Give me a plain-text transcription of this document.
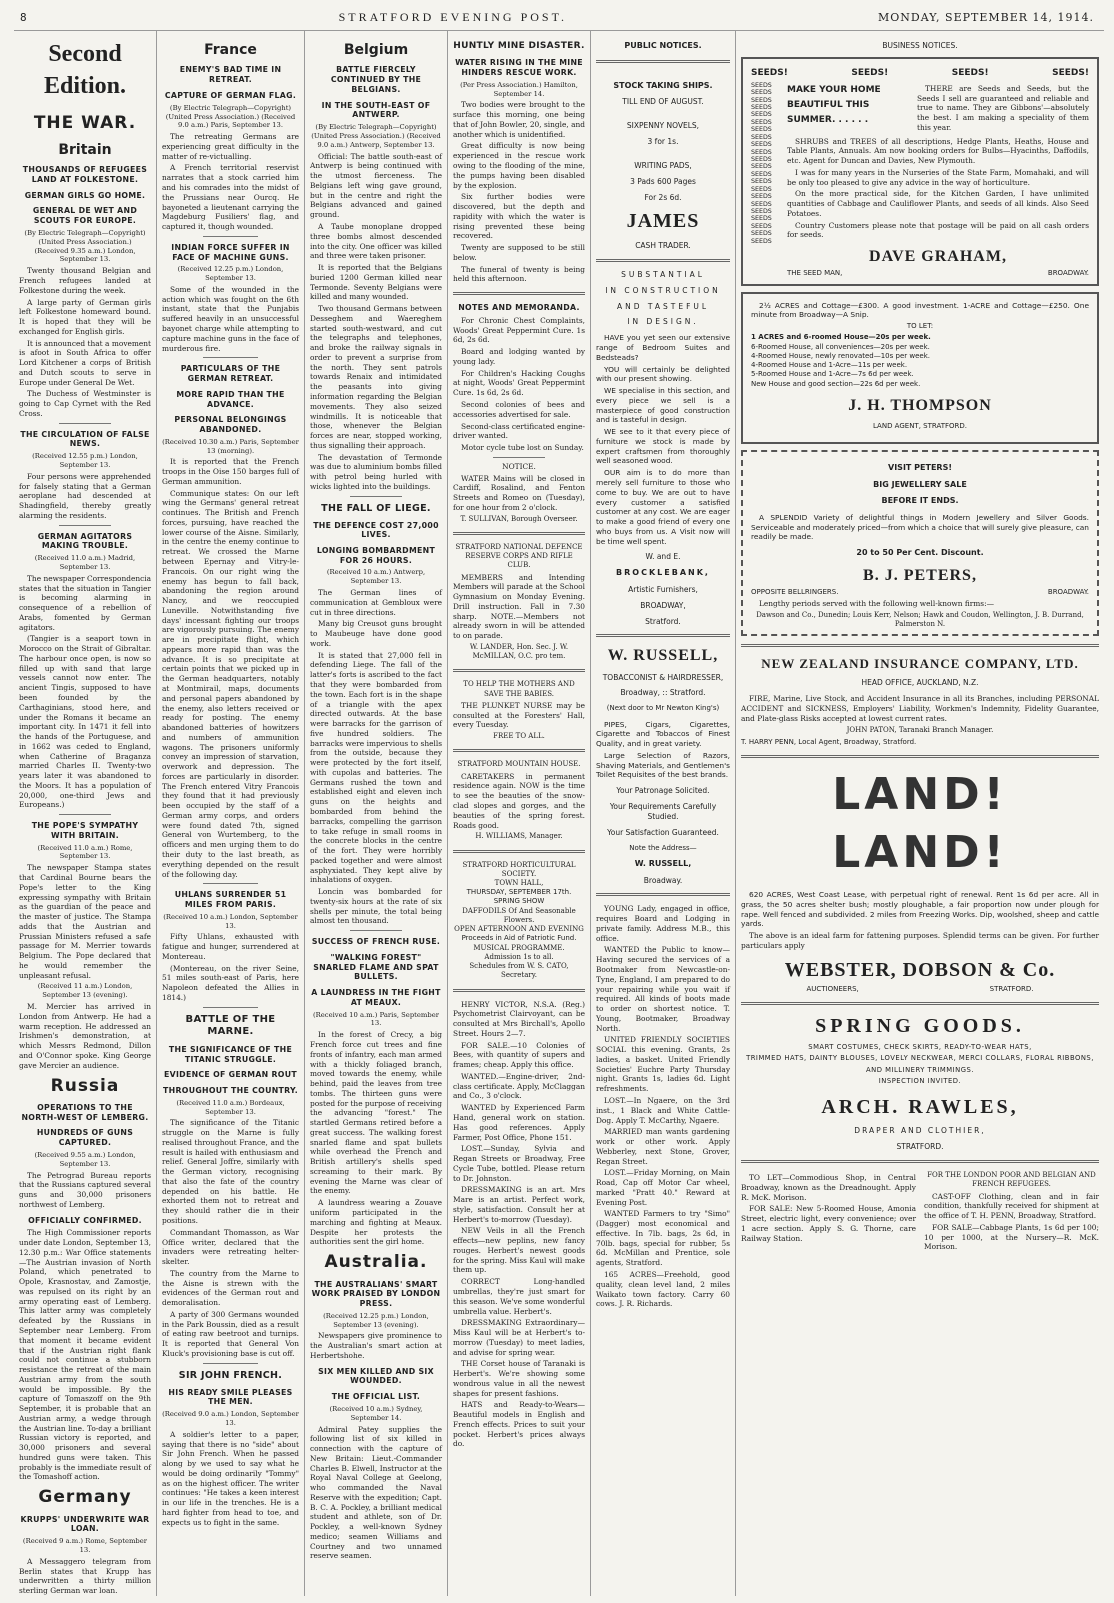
8	STRATFORD EVENING POST.	MONDAY, SEPTEMBER 14, 1914.
Second Edition.
THE WAR.
Britain
THOUSANDS OF REFUGEES LAND AT FOLKESTONE.
GERMAN GIRLS GO HOME.
GENERAL DE WET AND SCOUTS FOR EUROPE.
(By Electric Telegraph—Copyright) (United Press Association.)
(Received 9.35 a.m.) London, September 13.

Twenty thousand Belgian and French refugees landed at Folkestone during the week.

A large party of German girls left Folkestone homeward bound. It is hoped that they will be exchanged for English girls.

It is announced that a movement is afoot in South Africa to offer Lord Kitchener a corps of British and Dutch scouts to serve in Europe under General De Wet.

The Duchess of Westminster is going to Cap Cyrnet with the Red Cross.

THE CIRCULATION OF FALSE NEWS.
(Received 12.55 p.m.) London, September 13.

Four persons were apprehended for falsely stating that a German aeroplane had descended at Shadingfield, thereby greatly alarming the residents.

GERMAN AGITATORS MAKING TROUBLE.
(Received 11.0 a.m.) Madrid, September 13.

The newspaper Correspondencia states that the situation in Tangier is becoming alarming in consequence of a rebellion of Arabs, fomented by German agitators.

(Tangier is a seaport town in Morocco on the Strait of Gibraltar. The harbour once open, is now so filled up with sand that large vessels cannot now enter. The ancient Tingis, supposed to have been founded by the Carthaginians, stood here, and under the Romans it became an important city. In 1471 it fell into the hands of the Portuguese, and in 1662 was ceded to England, when Catherine of Braganza married Charles II. Twenty-two years later it was abandoned to the Moors. It has a population of 20,000, one-third Jews and Europeans.)

THE POPE'S SYMPATHY WITH BRITAIN.
(Received 11.0 a.m.) Rome, September 13.

The newspaper Stampa states that Cardinal Bourne bears the Pope's letter to the King expressing sympathy with Britain as the guardian of the peace and the master of justice. The Stampa adds that the Austrian and Prussian Ministers refused a safe passage for M. Merrier towards Belgium. The Pope declared that he would remember the unpleasant refusal.

(Received 11 a.m.) London, September 13 (evening).

M. Mercier has arrived in London from Antwerp. He had a warm reception. He addressed an Irishmen's demonstration, at which Messrs Redmond, Dillon and O'Connor spoke. King George gave Mercier an audience.

Russia
OPERATIONS TO THE NORTH-WEST OF LEMBERG.
HUNDREDS OF GUNS CAPTURED.
(Received 9.55 a.m.) London, September 13.

The Petrograd Bureau reports that the Russians captured several guns and 30,000 prisoners northwest of Lemberg.

OFFICIALLY CONFIRMED.

The High Commissioner reports under date London, September 13, 12.30 p.m.: War Office statements—The Austrian invasion of North Poland, which penetrated to Opole, Krasnostav, and Zamostje, was repulsed on its right by an army operating east of Lemberg. This latter army was completely defeated by the Russians in September near Lemberg. From that moment it became evident that if the Austrian right flank could not continue a stubborn resistance the retreat of the main Austrian army from the south would be impossible. By the capture of Tomaszoff on the 9th September, it is probable that an Austrian army, a wedge through the Austrian line. To-day a brilliant Russian victory is reported, and 30,000 prisoners and several hundred guns were taken. This probably is the immediate result of the Tomashoff action.

Germany
KRUPPS' UNDERWRITE WAR LOAN.
(Received 9 a.m.) Rome, September 13.

A Messaggero telegram from Berlin states that Krupp has underwritten a thirty million sterling German war loan.

France
ENEMY'S BAD TIME IN RETREAT.
CAPTURE OF GERMAN FLAG.
(By Electric Telegraph—Copyright) (United Press Association.) (Received 9.0 a.m.) Paris, September 13.

The retreating Germans are experiencing great difficulty in the matter of re-victualling.

A French territorial reservist narrates that a stock carried him and his comrades into the midst of the Prussians near Ourcq. He bayoneted a lieutenant carrying the Magdeburg Fusiliers' flag, and captured it, though wounded.

INDIAN FORCE SUFFER IN FACE OF MACHINE GUNS.
(Received 12.25 p.m.) London, September 13.

Some of the wounded in the action which was fought on the 6th instant, state that the Punjabis suffered heavily in an unsuccessful bayonet charge while attempting to capture machine guns in the face of murderous fire.

PARTICULARS OF THE GERMAN RETREAT.
MORE RAPID THAN THE ADVANCE.
PERSONAL BELONGINGS ABANDONED.
(Received 10.30 a.m.) Paris, September 13 (morning).

It is reported that the French troops in the Oise 150 barges full of German ammunition.

Communique states: On our left wing the Germans' general retreat continues. The British and French forces, pursuing, have reached the lower course of the Aisne. Similarly, in the centre the enemy continue to retreat. We crossed the Marne between Epernay and Vitry-le-Francois. On our right wing the enemy has begun to fall back, abandoning the region around Nancy, and we reoccupied Luneville. Notwithstanding five days' incessant fighting our troops are vigorously pursuing. The enemy are in precipitate flight, which appears more rapid than was the advance. It is so precipitate at certain points that we picked up in the German headquarters, notably at Montmirail, maps, documents and personal papers abandoned by the enemy, also letters received or ready for posting. The enemy abandoned batteries of howitzers and numbers of ammunition wagons. The prisoners uniformly convey an impression of starvation, overwork and depression. The forces are particularly in disorder. The French entered Vitry Francois they found that it had previously been occupied by the staff of a German army corps, and orders were found dated 7th, signed General von Wurtemberg, to the officers and men urging them to do their duty to the last breath, as everything depended on the result of the following day.

UHLANS SURRENDER 51 MILES FROM PARIS.
(Received 10 a.m.) London, September 13.

Fifty Uhlans, exhausted with fatigue and hunger, surrendered at Montereau.

(Montereau, on the river Seine, 51 miles south-east of Paris, here Napoleon defeated the Allies in 1814.)

BATTLE OF THE MARNE.
THE SIGNIFICANCE OF THE TITANIC STRUGGLE.
EVIDENCE OF GERMAN ROUT
THROUGHOUT THE COUNTRY.
(Received 11.0 a.m.) Bordeaux, September 13.

The significance of the Titanic struggle on the Marne is fully realised throughout France, and the result is hailed with enthusiasm and relief. General Joffre, similarly with the German victory, recognising that also the fate of the country depended on his battle. He exhorted them not to retreat and they should rather die in their positions.

Commandant Thomasson, as War Office writer, declared that the invaders were retreating helter-skelter.

The country from the Marne to the Aisne is strewn with the evidences of the German rout and demoralisation.

A party of 300 Germans wounded in the Park Boussin, died as a result of eating raw beetroot and turnips. It is reported that General Von Kluck's provisioning base is cut off.

SIR JOHN FRENCH.
HIS READY SMILE PLEASES THE MEN.
(Received 9.0 a.m.) London, September 13.

A soldier's letter to a paper, saying that there is no "side" about Sir John French. When he passed along by we used to say what he would be doing ordinarily "Tommy" as on the highest officer. The writer continues: "He takes a keen interest in our life in the trenches. He is a hard fighter from head to toe, and expects us to fight in the same.

Belgium
BATTLE FIERCELY CONTINUED BY THE BELGIANS.
IN THE SOUTH-EAST OF ANTWERP.
(By Electric Telegraph—Copyright) (United Press Association.) (Received 9.0 a.m.) Antwerp, September 13.

Official: The battle south-east of Antwerp is being continued with the utmost fierceness. The Belgians left wing gave ground, but in the centre and right the Belgians advanced and gained ground.

A Taube monoplane dropped three bombs almost descended into the city. One officer was killed and three were taken prisoner.

It is reported that the Belgians buried 1200 German killed near Termonde. Seventy Belgians were killed and many wounded.

Two thousand Germans between Desseghem and Waereghem started south-westward, and cut the telegraphs and telephones, and broke the railway signals in order to prevent a surprise from the north. They sent patrols towards Renaix and intimidated the peasants into giving information regarding the Belgian movements. They also seized windmills. It is noticeable that those, whenever the Belgian forces are near, stopped working, thus signalling their approach.

The devastation of Termonde was due to aluminium bombs filled with petrol being hurled with wicks lighted into the buildings.

THE FALL OF LIEGE.
THE DEFENCE COST 27,000 LIVES.
LONGING BOMBARDMENT FOR 26 HOURS.
(Received 10 a.m.) Antwerp, September 13.

The German lines of communication at Gembloux were cut in three directions.

Many big Creusot guns brought to Maubeuge have done good work.

It is stated that 27,000 fell in defending Liege. The fall of the latter's forts is ascribed to the fact that they were bombarded from the town. Each fort is in the shape of a triangle with the apex directed outwards. At the base were barracks for the garrison of five hundred soldiers. The barracks were impervious to shells from the outside, because they were protected by the fort itself, with cupolas and batteries. The Germans rushed the town and established eight and eleven inch guns on the heights and bombarded from behind the barracks, compelling the garrison to take refuge in small rooms in the concrete blocks in the centre of the fort. They were horribly packed together and were almost asphyxiated. They kept alive by inhalations of oxygen.

Loncin was bombarded for twenty-six hours at the rate of six shells per minute, the total being almost ten thousand.

SUCCESS OF FRENCH RUSE.
"WALKING FOREST" SNARLED FLAME AND SPAT BULLETS.
A LAUNDRESS IN THE FIGHT AT MEAUX.
(Received 10 a.m.) Paris, September 13.

In the forest of Crecy, a big French force cut trees and fine fronts of infantry, each man armed with a thickly foliaged branch, moved towards the enemy, while behind, paid the leaves from tree tombs. The thirteen guns were posted for the purpose of receiving the advancing "forest." The startled Germans retired before a great success. The walking forest snarled flame and spat bullets while overhead the French and British artillery's shells sped screaming to their mark. By evening the Marne was clear of the enemy.

A laundress wearing a Zouave uniform participated in the marching and fighting at Meaux. Despite her protests the authorities sent the girl home.

Australia.
THE AUSTRALIANS' SMART WORK PRAISED BY LONDON PRESS.
(Received 12.25 p.m.) London, September 13 (evening).

Newspapers give prominence to the Australian's smart action at Herbertshohe.

SIX MEN KILLED AND SIX WOUNDED.
THE OFFICIAL LIST.
(Received 10 a.m.) Sydney, September 14.

Admiral Patey supplies the following list of six killed in connection with the capture of New Britain: Lieut.-Commander Charles B. Elwell, Instructor at the Royal Naval College at Geelong, who commanded the Naval Reserve with the expedition; Capt. B. C. A. Pockley, a brilliant medical student and athlete, son of Dr. Pockley, a well-known Sydney medico; seamen Williams and Courtney and two unnamed reserve seamen.

HUNTLY MINE DISASTER.
WATER RISING IN THE MINE HINDERS RESCUE WORK.
(Per Press Association.) Hamilton, September 14.

Two bodies were brought to the surface this morning, one being that of John Bowler, 20, single, and another which is unidentified.

Great difficulty is now being experienced in the rescue work owing to the flooding of the mine, the pumps having been disabled by the explosion.

Six further bodies were discovered, but the depth and rapidity with which the water is rising prevented these being recovered.

Twenty are supposed to be still below.

The funeral of twenty is being held this afternoon.

NOTES AND MEMORANDA.

For Chronic Chest Complaints, Woods' Great Peppermint Cure. 1s 6d, 2s 6d.

Board and lodging wanted by young lady.

For Children's Hacking Coughs at night, Woods' Great Peppermint Cure. 1s 6d, 2s 6d.

Second colonies of bees and accessories advertised for sale.

Second-class certificated engine-driver wanted.

Motor cycle tube lost on Sunday.

NOTICE.

WATER Mains will be closed in Cardiff, Rosalind, and Fenton Streets and Romeo on (Tuesday), for one hour from 2 o'clock.

T. SULLIVAN, Borough Overseer.
STRATFORD NATIONAL DEFENCE RESERVE CORPS AND RIFLE CLUB.

MEMBERS and Intending Members will parade at the School Gymnasium on Monday Evening. Drill instruction. Fall in 7.30 sharp. NOTE.—Members not already sworn in will be attended to on parade.

W. LANDER, Hon. Sec. J. W. McMILLAN, O.C. pro tem.
TO HELP THE MOTHERS AND SAVE THE BABIES.

THE PLUNKET NURSE may be consulted at the Foresters' Hall, every Tuesday.

FREE TO ALL.
STRATFORD MOUNTAIN HOUSE.

CARETAKERS in permanent residence again. NOW is the time to see the beauties of the snow-clad slopes and gorges, and the beauties of the spring forest. Roads good.

H. WILLIAMS, Manager.
STRATFORD HORTICULTURAL SOCIETY.
TOWN HALL,
THURSDAY, SEPTEMBER 17th.
SPRING SHOW
DAFFODILS Of And Seasonable Flowers.
OPEN AFTERNOON AND EVENING
Proceeds in Aid of Patriotic Fund.
MUSICAL PROGRAMME.
Admission 1s to all.
Schedules from W. S. CATO, Secretary.

HENRY VICTOR, N.S.A. (Reg.) Psychometrist Clairvoyant, can be consulted at Mrs Birchall's, Apollo Street. Hours 2—7.

FOR SALE.—10 Colonies of Bees, with quantity of supers and frames; cheap. Apply this office.

WANTED.—Engine-driver, 2nd-class certificate. Apply, McClaggan and Co., 3 o'clock.

WANTED by Experienced Farm Hand, general work on station. Has good references. Apply Farmer, Post Office, Phone 151.

LOST.—Sunday, Sylvia and Regan Streets or Broadway, Free Cycle Tube, bottled. Please return to Dr. Johnston.

DRESSMAKING is an art. Mrs Mare is an artist. Perfect work, style, satisfaction. Consult her at Herbert's to-morrow (Tuesday).

NEW Veils in all the French effects—new peplins, new fancy rouges. Herbert's newest goods for the spring. Miss Kaul will make them up.

CORRECT Long-handled umbrellas, they're just smart for this season. We've some wonderful umbrella value. Herbert's.

DRESSMAKING Extraordinary—Miss Kaul will be at Herbert's to-morrow (Tuesday) to meet ladies, and advise for spring wear.

THE Corset house of Taranaki is Herbert's. We're showing some wondrous value in all the newest shapes for present fashions.

HATS and Ready-to-Wears—Beautiful models in English and French effects. Prices to suit your pocket. Herbert's prices always do.

PUBLIC NOTICES.
STOCK TAKING SHIPS.
TILL END OF AUGUST.
SIXPENNY NOVELS,
3 for 1s.
WRITING PADS,
3 Pads 600 Pages
For 2s 6d.
JAMES
CASH TRADER.
SUBSTANTIAL
IN CONSTRUCTION
AND TASTEFUL
IN DESIGN.

HAVE you yet seen our extensive range of Bedroom Suites and Bedsteads?

YOU will certainly be delighted with our present showing.

WE specialise in this section, and every piece we sell is a masterpiece of good construction and is tasteful in design.

WE see to it that every piece of furniture we stock is made by expert craftsmen from thoroughly well seasoned wood.

OUR aim is to do more than merely sell furniture to those who come to buy. We are out to have every customer a satisfied customer at any cost. We are eager to make a good friend of every one who buys from us. A Visit now will be time well spent.

W. and E.
BROCKLEBANK,
Artistic Furnishers,
BROADWAY,
Stratford.
W. RUSSELL,
TOBACCONIST & HAIRDRESSER,
Broadway, :: Stratford.
(Next door to Mr Newton King's)

PIPES, Cigars, Cigarettes, Cigarette and Tobaccos of Finest Quality, and in great variety.

Large Selection of Razors, Shaving Materials, and Gentlemen's Toilet Requisites of the best brands.

Your Patronage Solicited.
Your Requirements Carefully Studied.
Your Satisfaction Guaranteed.
Note the Address—
W. RUSSELL,
Broadway.

YOUNG Lady, engaged in office, requires Board and Lodging in private family. Address M.B., this office.

WANTED the Public to know—Having secured the services of a Bootmaker from Newcastle-on-Tyne, England, I am prepared to do your repairing while you wait if required. All kinds of boots made to order on shortest notice. T. Young, Bootmaker, Broadway North.

UNITED FRIENDLY SOCIETIES SOCIAL this evening. Grants, 2s ladies, a basket. United Friendly Societies' Euchre Party Thursday night. Grants 1s, ladies 6d. Light refreshments.

LOST.—In Ngaere, on the 3rd inst., 1 Black and White Cattle-Dog. Apply T. McCarthy, Ngaere.

MARRIED man wants gardening work or other work. Apply Webberley, next Stone, Grover, Regan Street.

LOST.—Friday Morning, on Main Road, Cap off Motor Car wheel, marked "Pratt 40." Reward at Evening Post.

WANTED Farmers to try "Simo" (Dagger) most economical and effective. In 7lb. bags, 2s 6d, in 70lb. bags, special for rubber, 5s 6d. McMillan and Prentice, sole agents, Stratford.

165 ACRES—Freehold, good quality, clean level land, 2 miles Waikato town factory. Carry 60 cows. J. R. Richards.

BUSINESS NOTICES.
SEEDS!	SEEDS!	SEEDS!	SEEDS!
SEEDS
SEEDS
SEEDS
SEEDS
SEEDS
SEEDS
SEEDS
SEEDS
SEEDS
SEEDS
SEEDS
SEEDS
SEEDS
SEEDS
SEEDS
SEEDS
SEEDS
SEEDS
SEEDS
SEEDS
SEEDS
SEEDS
MAKE YOUR HOME
BEAUTIFUL THIS
SUMMER. . . . . .

THERE are Seeds and Seeds, but the Seeds I sell are guaranteed and reliable and true to name. They are Gibbons'—absolutely the best. I am making a speciality of them this year.

SHRUBS and TREES of all descriptions, Hedge Plants, Heaths, House and Table Plants, Annuals. Am now booking orders for Bulbs—Hyacinths, Daffodils, etc. Agent for Duncan and Davies, New Plymouth.

I was for many years in the Nurseries of the State Farm, Momahaki, and will be only too pleased to give any advice in the way of horticulture.

On the more practical side, for the Kitchen Garden, I have unlimited quantities of Cabbage and Cauliflower Plants, and seeds of all kinds. Also Seed Potatoes.

Country Customers please note that postage will be paid on all cash orders for seeds.

DAVE GRAHAM,
THE SEED MAN,	BROADWAY.

2½ ACRES and Cottage—£300. A good investment. 1-ACRE and Cottage—£250. One minute from Broadway—A Snip.

TO LET:
1 ACRES and 6-roomed House—20s per week.
6-Roomed House, all conveniences—20s per week.
4-Roomed House, newly renovated—10s per week.
4-Roomed House and 1-Acre—11s per week.
5-Roomed House and 1-Acre—7s 6d per week.
New House and good section—22s 6d per week.
J. H. THOMPSON
LAND AGENT, STRATFORD.
VISIT PETERS!
BIG JEWELLERY SALE
BEFORE IT ENDS.

A SPLENDID Variety of delightful things in Modern Jewellery and Silver Goods. Serviceable and moderately priced—from which a choice that will surely give pleasure, can readily be made.

20 to 50 Per Cent. Discount.
B. J. PETERS,
OPPOSITE BELLRINGERS.	BROADWAY.

Lengthy periods served with the following well-known firms:—

Dawson and Co., Dunedin; Louis Kerr, Nelson; Hawk and Coudon, Wellington, J. B. Durrand, Palmerston N.
NEW ZEALAND INSURANCE COMPANY, LTD.
HEAD OFFICE, AUCKLAND, N.Z.

FIRE, Marine, Live Stock, and Accident Insurance in all its Branches, including PERSONAL ACCIDENT and SICKNESS, Employers' Liability, Workmen's Indemnity, Fidelity Guarantee, and Plate-glass Risks accepted at lowest current rates.

JOHN PATON, Taranaki Branch Manager.
T. HARRY PENN, Local Agent, Broadway, Stratford.
LAND! LAND!

620 ACRES, West Coast Lease, with perpetual right of renewal. Rent 1s 6d per acre. All in grass, the 50 acres shelter bush; mostly ploughable, a fair proportion now under plough for rape. Well fenced and subdivided. 2 miles from Freezing Works. Dip, woolshed, sheep and cattle yards.

The above is an ideal farm for fattening purposes. Splendid terms can be given. For further particulars apply

WEBSTER, DOBSON & Co.
AUCTIONEERS,	STRATFORD.
SPRING GOODS.
SMART COSTUMES, CHECK SKIRTS, READY-TO-WEAR HATS,
TRIMMED HATS, DAINTY BLOUSES, LOVELY NECKWEAR, MERCI COLLARS, FLORAL RIBBONS,
AND MILLINERY TRIMMINGS.
INSPECTION INVITED.
ARCH. RAWLES,
DRAPER AND CLOTHIER,
STRATFORD.

TO LET—Commodious Shop, in Central Broadway, known as the Dreadnought. Apply R. McK. Morison.

FOR SALE: New 5-Roomed House, Amonia Street, electric light, every convenience; over 1 acre section. Apply S. G. Thorne, care Railway Station.

FOR THE LONDON POOR AND BELGIAN AND FRENCH REFUGEES.

CAST-OFF Clothing, clean and in fair condition, thankfully received for shipment at the office of T. H. PENN, Broadway, Stratford.

FOR SALE—Cabbage Plants, 1s 6d per 100; 10 per 1000, at the Nursery—R. McK. Morison.
